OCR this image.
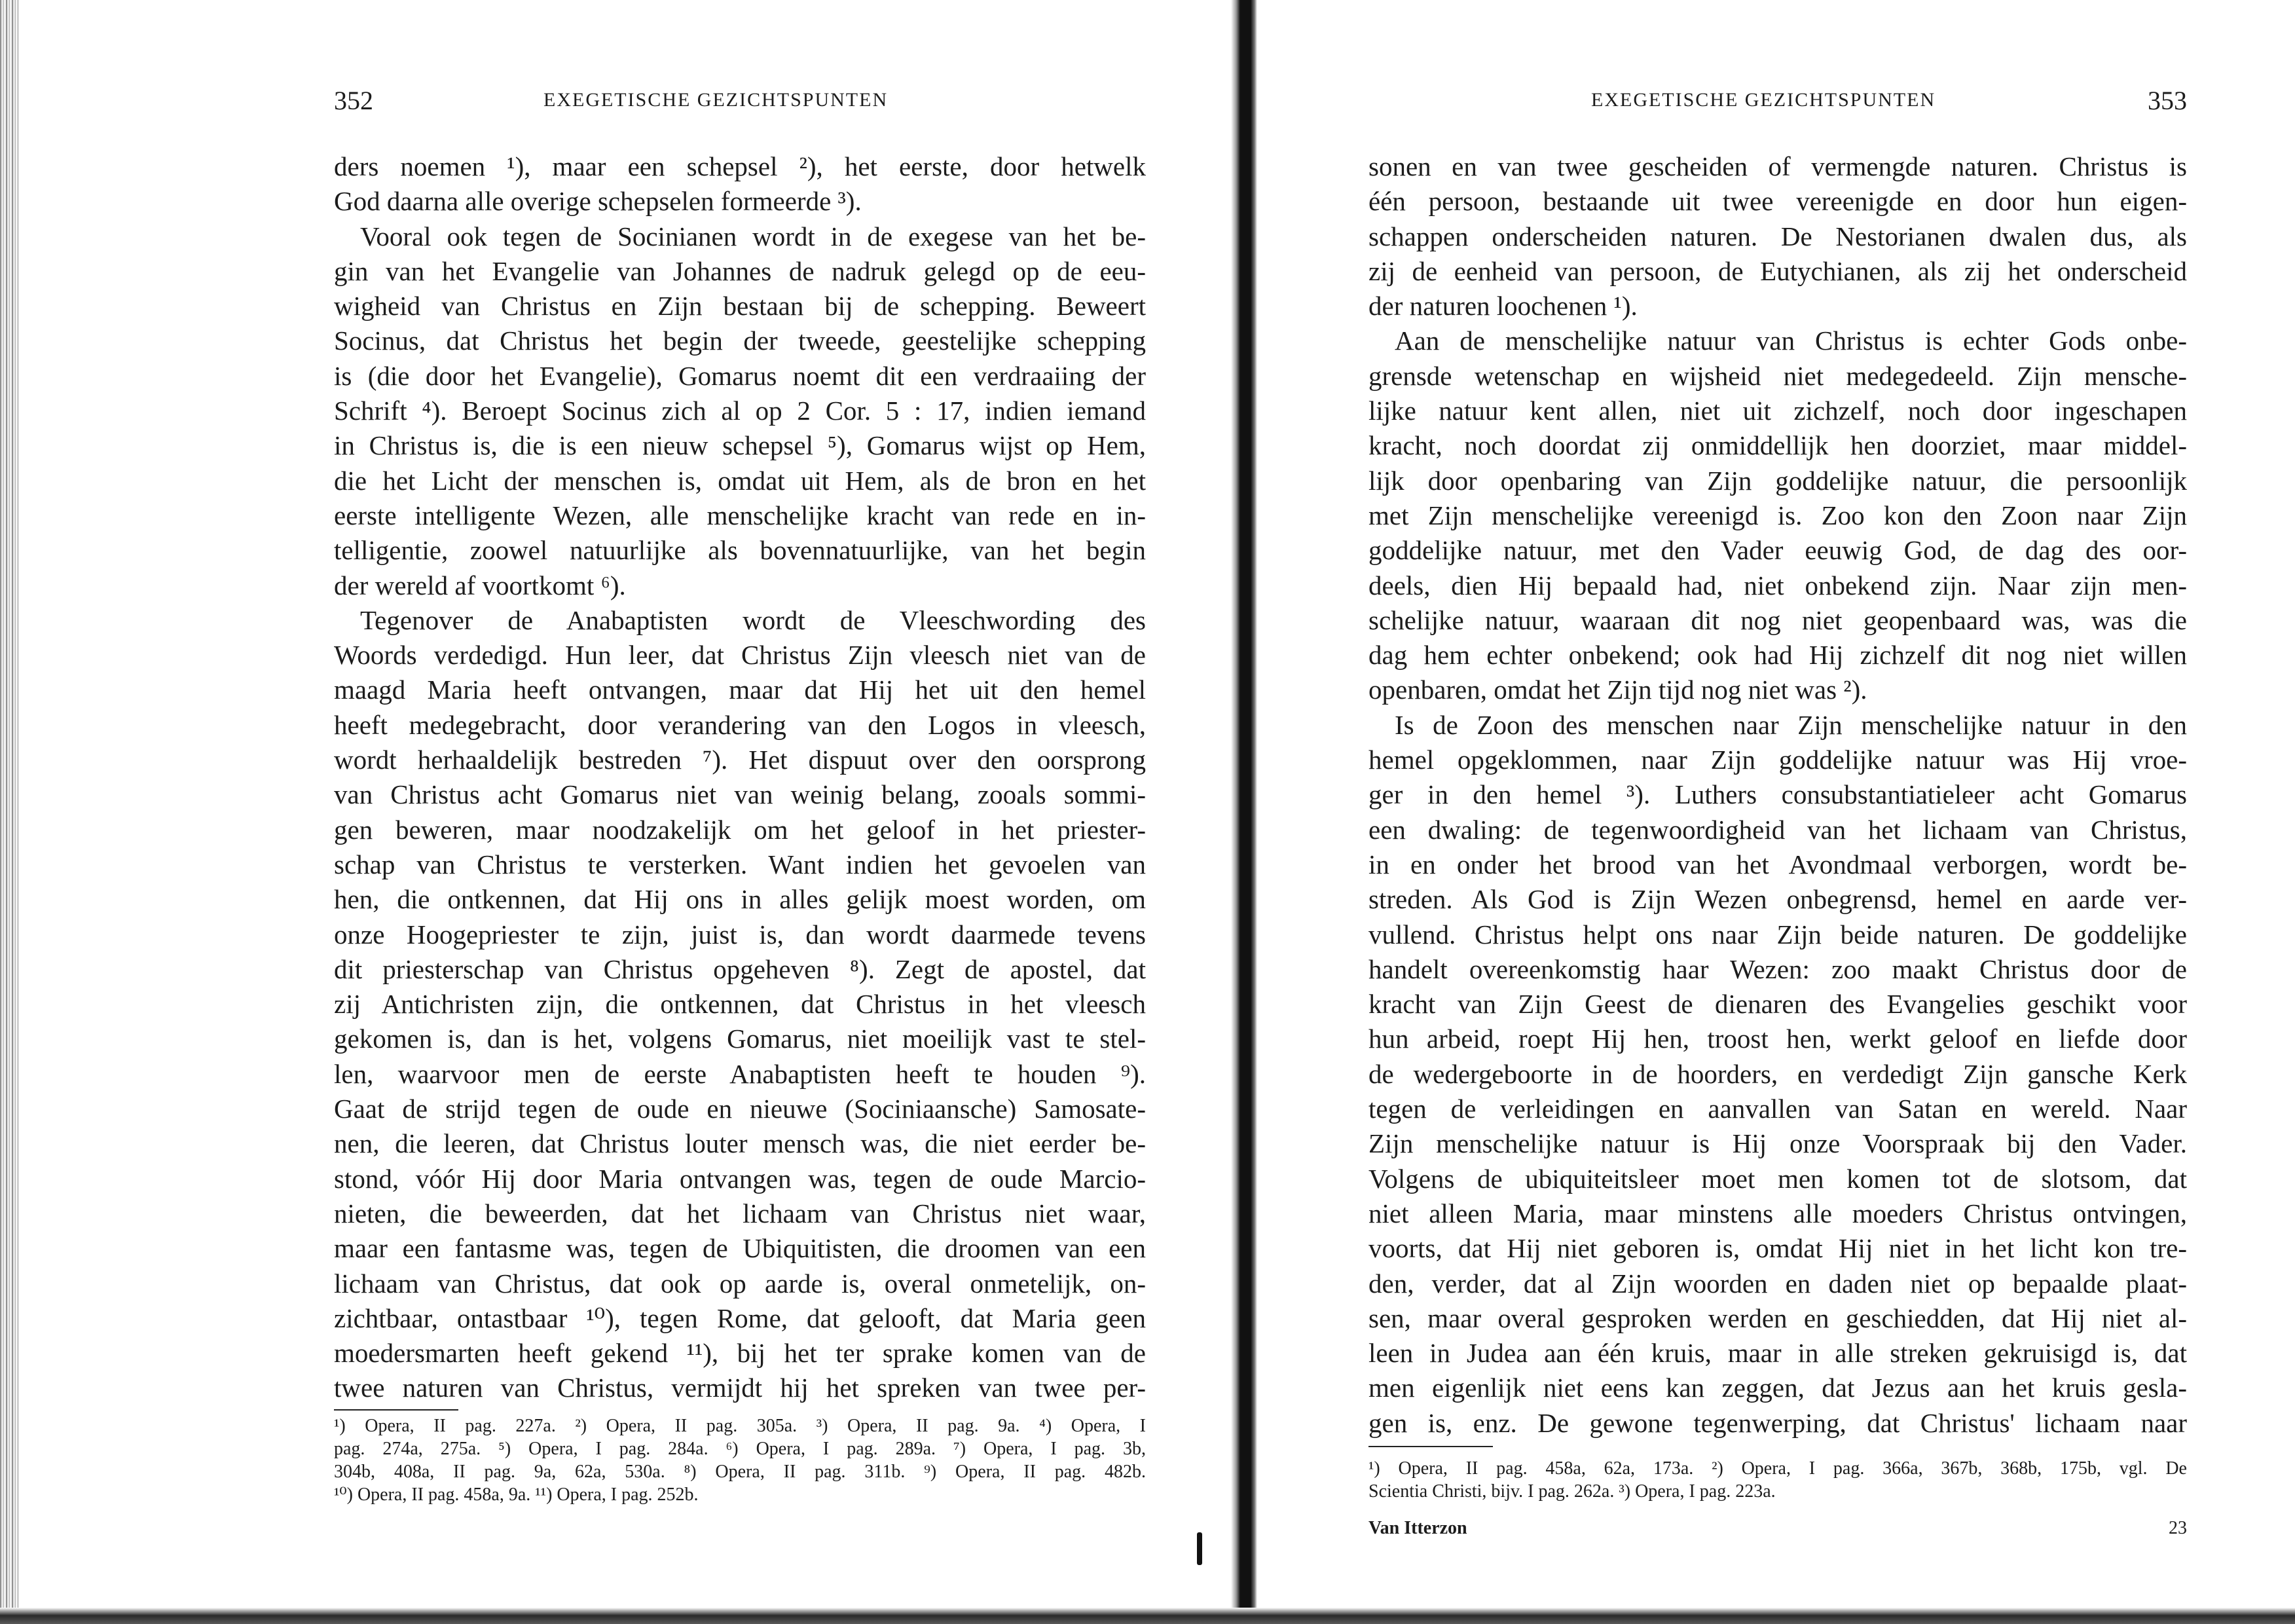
352	EXEGETISCHE GEZICHTSPUNTEN
ders noemen ¹), maar een schepsel ²), het eerste, door hetwelk
God daarna alle overige schepselen formeerde ³).
Vooral ook tegen de Socinianen wordt in de exegese van het be-
gin van het Evangelie van Johannes de nadruk gelegd op de eeu-
wigheid van Christus en Zijn bestaan bij de schepping. Beweert
Socinus, dat Christus het begin der tweede, geestelijke schepping
is (die door het Evangelie), Gomarus noemt dit een verdraaiing der
Schrift ⁴). Beroept Socinus zich al op 2 Cor. 5 : 17, indien iemand
in Christus is, die is een nieuw schepsel ⁵), Gomarus wijst op Hem,
die het Licht der menschen is, omdat uit Hem, als de bron en het
eerste intelligente Wezen, alle menschelijke kracht van rede en in-
telligentie, zoowel natuurlijke als bovennatuurlijke, van het begin
der wereld af voortkomt ⁶).
Tegenover de Anabaptisten wordt de Vleeschwording des
Woords verdedigd. Hun leer, dat Christus Zijn vleesch niet van de
maagd Maria heeft ontvangen, maar dat Hij het uit den hemel
heeft medegebracht, door verandering van den Logos in vleesch,
wordt herhaaldelijk bestreden ⁷). Het dispuut over den oorsprong
van Christus acht Gomarus niet van weinig belang, zooals sommi-
gen beweren, maar noodzakelijk om het geloof in het priester-
schap van Christus te versterken. Want indien het gevoelen van
hen, die ontkennen, dat Hij ons in alles gelijk moest worden, om
onze Hoogepriester te zijn, juist is, dan wordt daarmede tevens
dit priesterschap van Christus opgeheven ⁸). Zegt de apostel, dat
zij Antichristen zijn, die ontkennen, dat Christus in het vleesch
gekomen is, dan is het, volgens Gomarus, niet moeilijk vast te stel-
len, waarvoor men de eerste Anabaptisten heeft te houden ⁹).
Gaat de strijd tegen de oude en nieuwe (Sociniaansche) Samosate-
nen, die leeren, dat Christus louter mensch was, die niet eerder be-
stond, vóór Hij door Maria ontvangen was, tegen de oude Marcio-
nieten, die beweerden, dat het lichaam van Christus niet waar,
maar een fantasme was, tegen de Ubiquitisten, die droomen van een
lichaam van Christus, dat ook op aarde is, overal onmetelijk, on-
zichtbaar, ontastbaar ¹⁰), tegen Rome, dat gelooft, dat Maria geen
moedersmarten heeft gekend ¹¹), bij het ter sprake komen van de
twee naturen van Christus, vermijdt hij het spreken van twee per-
¹) Opera, II pag. 227a. ²) Opera, II pag. 305a. ³) Opera, II pag. 9a. ⁴) Opera, I
pag. 274a, 275a. ⁵) Opera, I pag. 284a. ⁶) Opera, I pag. 289a. ⁷) Opera, I pag. 3b,
304b, 408a, II pag. 9a, 62a, 530a. ⁸) Opera, II pag. 311b. ⁹) Opera, II pag. 482b.
¹⁰) Opera, II pag. 458a, 9a. ¹¹) Opera, I pag. 252b.
EXEGETISCHE GEZICHTSPUNTEN	353
sonen en van twee gescheiden of vermengde naturen. Christus is
één persoon, bestaande uit twee vereenigde en door hun eigen-
schappen onderscheiden naturen. De Nestorianen dwalen dus, als
zij de eenheid van persoon, de Eutychianen, als zij het onderscheid
der naturen loochenen ¹).
Aan de menschelijke natuur van Christus is echter Gods onbe-
grensde wetenschap en wijsheid niet medegedeeld. Zijn mensche-
lijke natuur kent allen, niet uit zichzelf, noch door ingeschapen
kracht, noch doordat zij onmiddellijk hen doorziet, maar middel-
lijk door openbaring van Zijn goddelijke natuur, die persoonlijk
met Zijn menschelijke vereenigd is. Zoo kon den Zoon naar Zijn
goddelijke natuur, met den Vader eeuwig God, de dag des oor-
deels, dien Hij bepaald had, niet onbekend zijn. Naar zijn men-
schelijke natuur, waaraan dit nog niet geopenbaard was, was die
dag hem echter onbekend; ook had Hij zichzelf dit nog niet willen
openbaren, omdat het Zijn tijd nog niet was ²).
Is de Zoon des menschen naar Zijn menschelijke natuur in den
hemel opgeklommen, naar Zijn goddelijke natuur was Hij vroe-
ger in den hemel ³). Luthers consubstantiatieleer acht Gomarus
een dwaling: de tegenwoordigheid van het lichaam van Christus,
in en onder het brood van het Avondmaal verborgen, wordt be-
streden. Als God is Zijn Wezen onbegrensd, hemel en aarde ver-
vullend. Christus helpt ons naar Zijn beide naturen. De goddelijke
handelt overeenkomstig haar Wezen: zoo maakt Christus door de
kracht van Zijn Geest de dienaren des Evangelies geschikt voor
hun arbeid, roept Hij hen, troost hen, werkt geloof en liefde door
de wedergeboorte in de hoorders, en verdedigt Zijn gansche Kerk
tegen de verleidingen en aanvallen van Satan en wereld. Naar
Zijn menschelijke natuur is Hij onze Voorspraak bij den Vader.
Volgens de ubiquiteitsleer moet men komen tot de slotsom, dat
niet alleen Maria, maar minstens alle moeders Christus ontvingen,
voorts, dat Hij niet geboren is, omdat Hij niet in het licht kon tre-
den, verder, dat al Zijn woorden en daden niet op bepaalde plaat-
sen, maar overal gesproken werden en geschiedden, dat Hij niet al-
leen in Judea aan één kruis, maar in alle streken gekruisigd is, dat
men eigenlijk niet eens kan zeggen, dat Jezus aan het kruis gesla-
gen is, enz. De gewone tegenwerping, dat Christus' lichaam naar
¹) Opera, II pag. 458a, 62a, 173a. ²) Opera, I pag. 366a, 367b, 368b, 175b, vgl. De
Scientia Christi, bijv. I pag. 262a. ³) Opera, I pag. 223a.
Van Itterzon	23
